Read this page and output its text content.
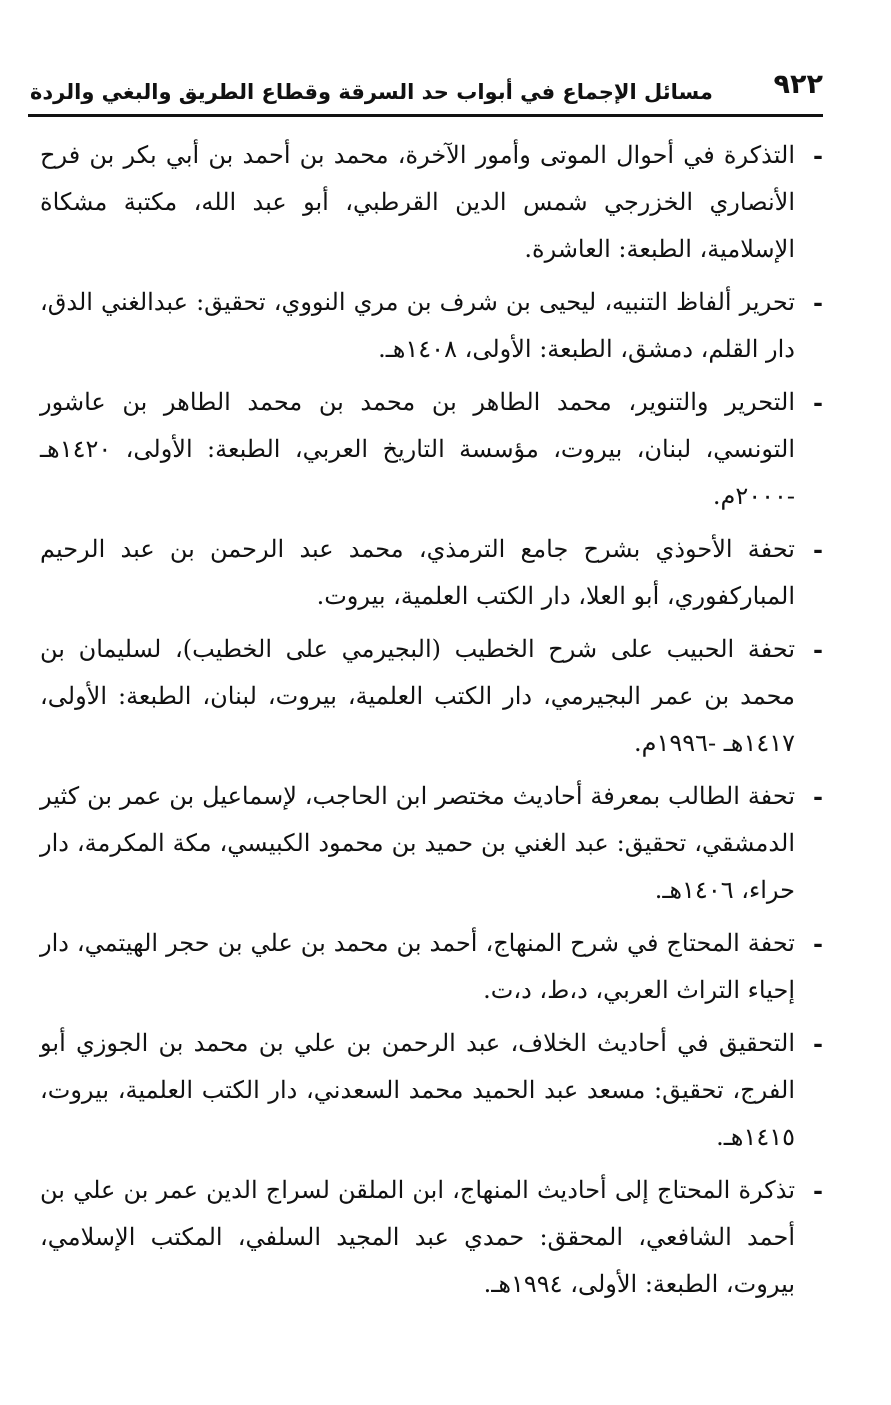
٩٢٢
مسائل الإجماع في أبواب حد السرقة وقطاع الطريق والبغي والردة
-
التذكرة في أحوال الموتى وأمور الآخرة، محمد بن أحمد بن أبي بكر بن فرح الأنصاري الخزرجي شمس الدين القرطبي، أبو عبد الله، مكتبة مشكاة الإسلامية، الطبعة: العاشرة.
-
تحرير ألفاظ التنبيه، ليحيى بن شرف بن مري النووي، تحقيق: عبدالغني الدق، دار القلم، دمشق، الطبعة: الأولى، ١٤٠٨هـ.
-
التحرير والتنوير، محمد الطاهر بن محمد بن محمد الطاهر بن عاشور التونسي، لبنان، بيروت، مؤسسة التاريخ العربي، الطبعة: الأولى، ١٤٢٠هـ -٢٠٠٠م.
-
تحفة الأحوذي بشرح جامع الترمذي، محمد عبد الرحمن بن عبد الرحيم المباركفوري، أبو العلا، دار الكتب العلمية، بيروت.
-
تحفة الحبيب على شرح الخطيب (البجيرمي على الخطيب)، لسليمان بن محمد بن عمر البجيرمي، دار الكتب العلمية، بيروت، لبنان، الطبعة: الأولى، ١٤١٧هـ -١٩٩٦م.
-
تحفة الطالب بمعرفة أحاديث مختصر ابن الحاجب، لإسماعيل بن عمر بن كثير الدمشقي، تحقيق: عبد الغني بن حميد بن محمود الكبيسي، مكة المكرمة، دار حراء، ١٤٠٦هـ.
-
تحفة المحتاج في شرح المنهاج، أحمد بن محمد بن علي بن حجر الهيتمي، دار إحياء التراث العربي، د،ط، د،ت.
-
التحقيق في أحاديث الخلاف، عبد الرحمن بن علي بن محمد بن الجوزي أبو الفرج، تحقيق: مسعد عبد الحميد محمد السعدني، دار الكتب العلمية، بيروت، ١٤١٥هـ.
-
تذكرة المحتاج إلى أحاديث المنهاج، ابن الملقن لسراج الدين عمر بن علي بن أحمد الشافعي، المحقق: حمدي عبد المجيد السلفي، المكتب الإسلامي، بيروت، الطبعة: الأولى، ١٩٩٤هـ.
